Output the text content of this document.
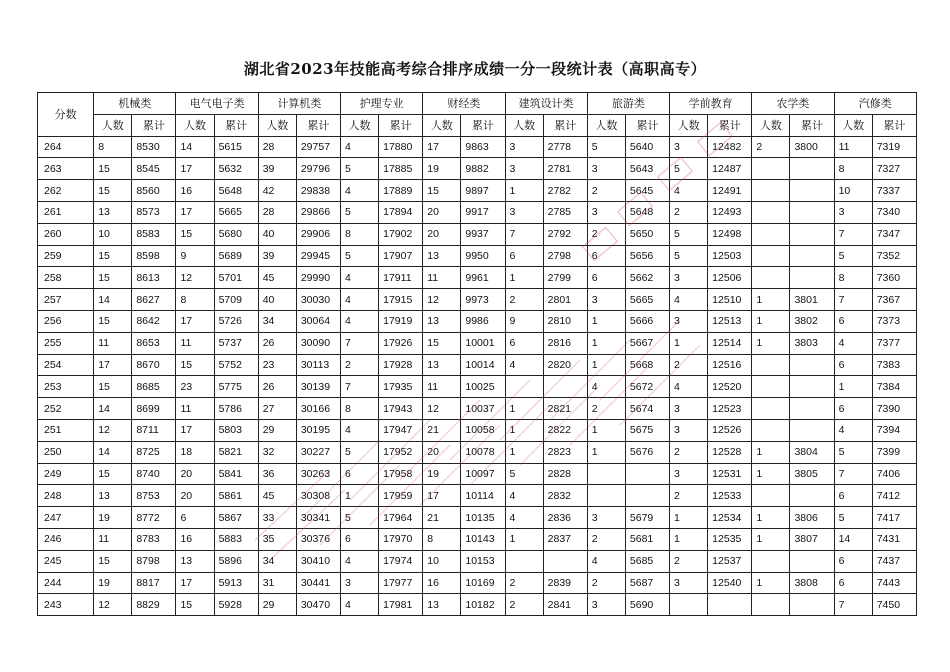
湖北省2023年技能高考综合排序成绩一分一段统计表（高职高专）
分数	机械类		电气电子类		计算机类		护理专业		财经类		建筑设计类		旅游类		学前教育		农学类		汽修类	
	人数	累计	人数	累计	人数	累计	人数	累计	人数	累计	人数	累计	人数	累计	人数	累计	人数	累计	人数	累计
264	8	8530	14	5615	28	29757	4	17880	17	9863	3	2778	5	5640	3	12482	2	3800	11	7319
263	15	8545	17	5632	39	29796	5	17885	19	9882	3	2781	3	5643	5	12487			8	7327
262	15	8560	16	5648	42	29838	4	17889	15	9897	1	2782	2	5645	4	12491			10	7337
261	13	8573	17	5665	28	29866	5	17894	20	9917	3	2785	3	5648	2	12493			3	7340
260	10	8583	15	5680	40	29906	8	17902	20	9937	7	2792	2	5650	5	12498			7	7347
259	15	8598	9	5689	39	29945	5	17907	13	9950	6	2798	6	5656	5	12503			5	7352
258	15	8613	12	5701	45	29990	4	17911	11	9961	1	2799	6	5662	3	12506			8	7360
257	14	8627	8	5709	40	30030	4	17915	12	9973	2	2801	3	5665	4	12510	1	3801	7	7367
256	15	8642	17	5726	34	30064	4	17919	13	9986	9	2810	1	5666	3	12513	1	3802	6	7373
255	11	8653	11	5737	26	30090	7	17926	15	10001	6	2816	1	5667	1	12514	1	3803	4	7377
254	17	8670	15	5752	23	30113	2	17928	13	10014	4	2820	1	5668	2	12516			6	7383
253	15	8685	23	5775	26	30139	7	17935	11	10025			4	5672	4	12520			1	7384
252	14	8699	11	5786	27	30166	8	17943	12	10037	1	2821	2	5674	3	12523			6	7390
251	12	8711	17	5803	29	30195	4	17947	21	10058	1	2822	1	5675	3	12526			4	7394
250	14	8725	18	5821	32	30227	5	17952	20	10078	1	2823	1	5676	2	12528	1	3804	5	7399
249	15	8740	20	5841	36	30263	6	17958	19	10097	5	2828			3	12531	1	3805	7	7406
248	13	8753	20	5861	45	30308	1	17959	17	10114	4	2832			2	12533			6	7412
247	19	8772	6	5867	33	30341	5	17964	21	10135	4	2836	3	5679	1	12534	1	3806	5	7417
246	11	8783	16	5883	35	30376	6	17970	8	10143	1	2837	2	5681	1	12535	1	3807	14	7431
245	15	8798	13	5896	34	30410	4	17974	10	10153			4	5685	2	12537			6	7437
244	19	8817	17	5913	31	30441	3	17977	16	10169	2	2839	2	5687	3	12540	1	3808	6	7443
243	12	8829	15	5928	29	30470	4	17981	13	10182	2	2841	3	5690					7	7450
